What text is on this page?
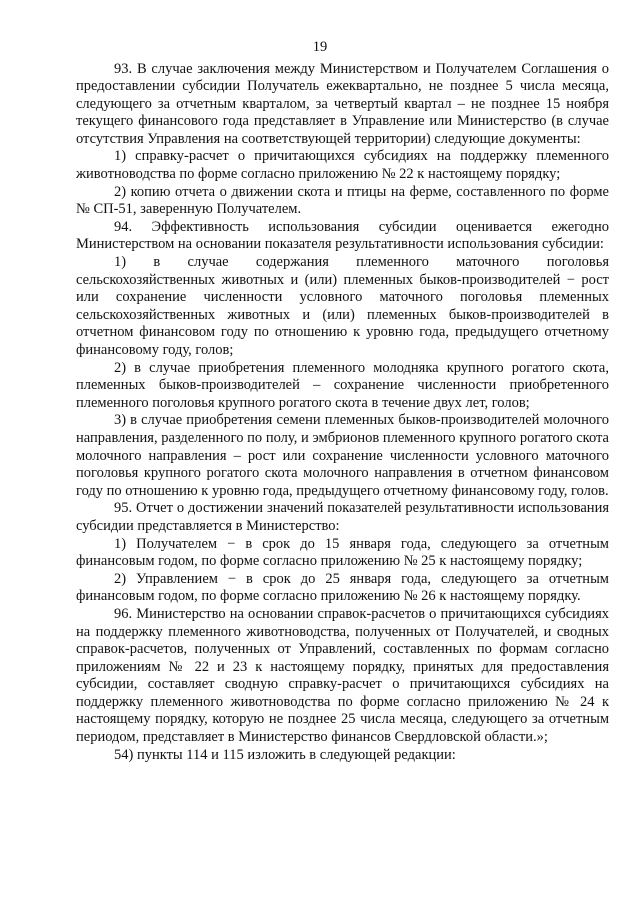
19

93. В случае заключения между Министерством и Получателем Соглашения о предоставлении субсидии Получатель ежеквартально, не позднее 5 числа месяца, следующего за отчетным кварталом, за четвертый квартал – не позднее 15 ноября текущего финансового года представляет в Управление или Министерство (в случае отсутствия Управления на соответствующей территории) следующие документы:

1) справку-расчет о причитающихся субсидиях на поддержку племенного животноводства по форме согласно приложению № 22 к настоящему порядку;

2) копию отчета о движении скота и птицы на ферме, составленного по форме № СП-51, заверенную Получателем.

94. Эффективность использования субсидии оценивается ежегодно Министерством на основании показателя результативности использования субсидии:

1) в случае содержания племенного маточного поголовья сельскохозяйственных животных и (или) племенных быков-производителей − рост или сохранение численности условного маточного поголовья племенных сельскохозяйственных животных и (или) племенных быков-производителей в отчетном финансовом году по отношению к уровню года, предыдущего отчетному финансовому году, голов;

2) в случае приобретения племенного молодняка крупного рогатого скота, племенных быков-производителей – сохранение численности приобретенного племенного поголовья крупного рогатого скота в течение двух лет, голов;

3) в случае приобретения семени племенных быков-производителей молочного направления, разделенного по полу, и эмбрионов племенного крупного рогатого скота молочного направления – рост или сохранение численности условного маточного поголовья крупного рогатого скота молочного направления в отчетном финансовом году по отношению к уровню года, предыдущего отчетному финансовому году, голов.

95. Отчет о достижении значений показателей результативности использования субсидии представляется в Министерство:

1) Получателем − в срок до 15 января года, следующего за отчетным финансовым годом, по форме согласно приложению № 25 к настоящему порядку;

2) Управлением − в срок до 25 января года, следующего за отчетным финансовым годом, по форме согласно приложению № 26 к настоящему порядку.

96. Министерство на основании справок-расчетов о причитающихся субсидиях на поддержку племенного животноводства, полученных от Получателей, и сводных справок-расчетов, полученных от Управлений, составленных по формам согласно приложениям № 22 и 23 к настоящему порядку, принятых для предоставления субсидии, составляет сводную справку-расчет о причитающихся субсидиях на поддержку племенного животноводства по форме согласно приложению № 24 к настоящему порядку, которую не позднее 25 числа месяца, следующего за отчетным периодом, представляет в Министерство финансов Свердловской области.»;

54) пункты 114 и 115 изложить в следующей редакции:
